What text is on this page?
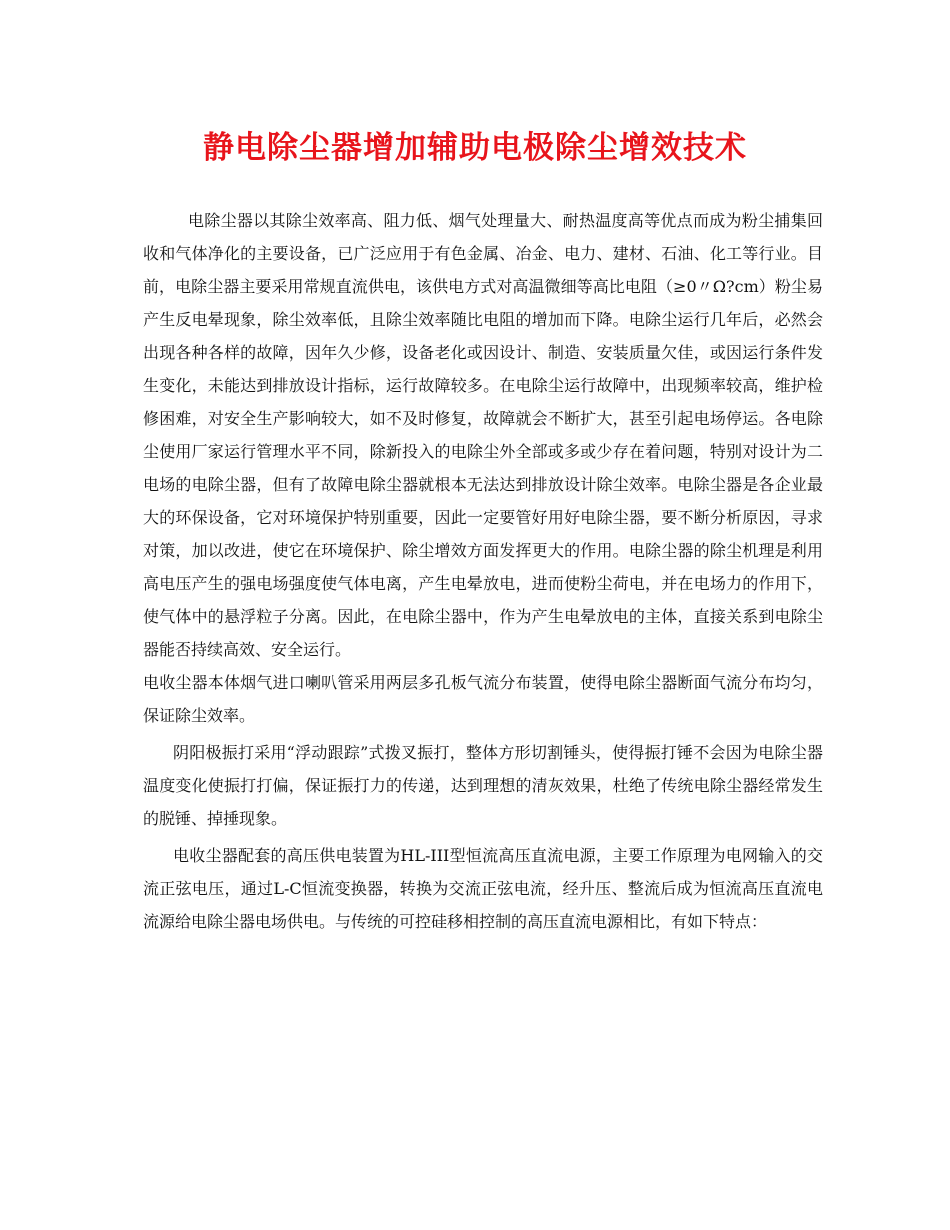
静电除尘器增加辅助电极除尘增效技术

电除尘器以其除尘效率高、阻力低、烟气处理量大、耐热温度高等优点而成为粉尘捕集回收和气体净化的主要设备，已广泛应用于有色金属、冶金、电力、建材、石油、化工等行业。目前，电除尘器主要采用常规直流供电，该供电方式对高温微细等高比电阻（≥0〃Ω?cm）粉尘易产生反电晕现象，除尘效率低，且除尘效率随比电阻的增加而下降。电除尘运行几年后，必然会出现各种各样的故障，因年久少修，设备老化或因设计、制造、安装质量欠佳，或因运行条件发生变化，未能达到排放设计指标，运行故障较多。在电除尘运行故障中，出现频率较高，维护检修困难，对安全生产影响较大，如不及时修复，故障就会不断扩大，甚至引起电场停运。各电除尘使用厂家运行管理水平不同，除新投入的电除尘外全部或多或少存在着问题，特别对设计为二电场的电除尘器，但有了故障电除尘器就根本无法达到排放设计除尘效率。电除尘器是各企业最大的环保设备，它对环境保护特别重要，因此一定要管好用好电除尘器，要不断分析原因，寻求对策，加以改进，使它在环境保护、除尘增效方面发挥更大的作用。电除尘器的除尘机理是利用高电压产生的强电场强度使气体电离，产生电晕放电，进而使粉尘荷电，并在电场力的作用下，使气体中的悬浮粒子分离。因此，在电除尘器中，作为产生电晕放电的主体，直接关系到电除尘器能否持续高效、安全运行。

电收尘器本体烟气进口喇叭管采用两层多孔板气流分布装置，使得电除尘器断面气流分布均匀，保证除尘效率。

阴阳极振打采用“浮动跟踪”式拨叉振打，整体方形切割锤头，使得振打锤不会因为电除尘器温度变化使振打打偏，保证振打力的传递，达到理想的清灰效果，杜绝了传统电除尘器经常发生的脱锤、掉捶现象。

电收尘器配套的高压供电装置为HL-III型恒流高压直流电源，主要工作原理为电网输入的交流正弦电压，通过L-C恒流变换器，转换为交流正弦电流，经升压、整流后成为恒流高压直流电流源给电除尘器电场供电。与传统的可控硅移相控制的高压直流电源相比，有如下特点：
